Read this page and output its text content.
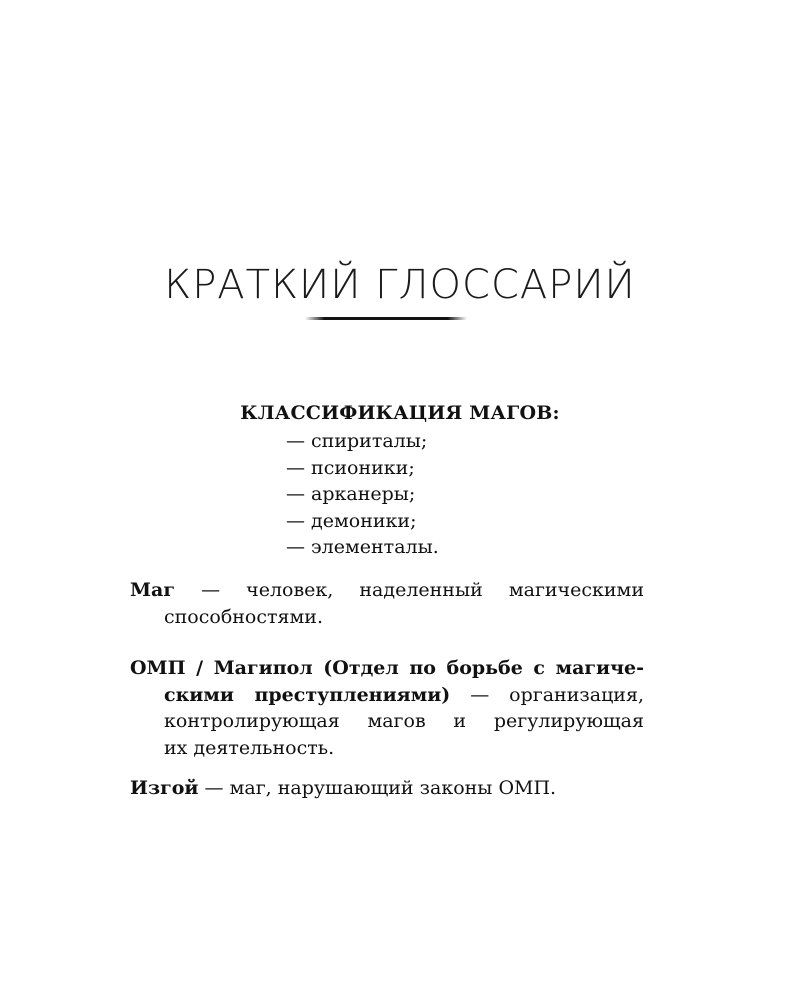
КРАТКИЙ ГЛОССАРИЙ
КЛАССИФИКАЦИЯ МАГОВ:
— спириталы;
— псионики;
— арканеры;
— демоники;
— элементалы.
Маг — человек, наделенный магическими
способностями.
ОМП / Магипол (Отдел по борьбе с магиче-
скими преступлениями) — организация,
контролирующая магов и регулирующая
их деятельность.
Изгой — маг, нарушающий законы ОМП.
